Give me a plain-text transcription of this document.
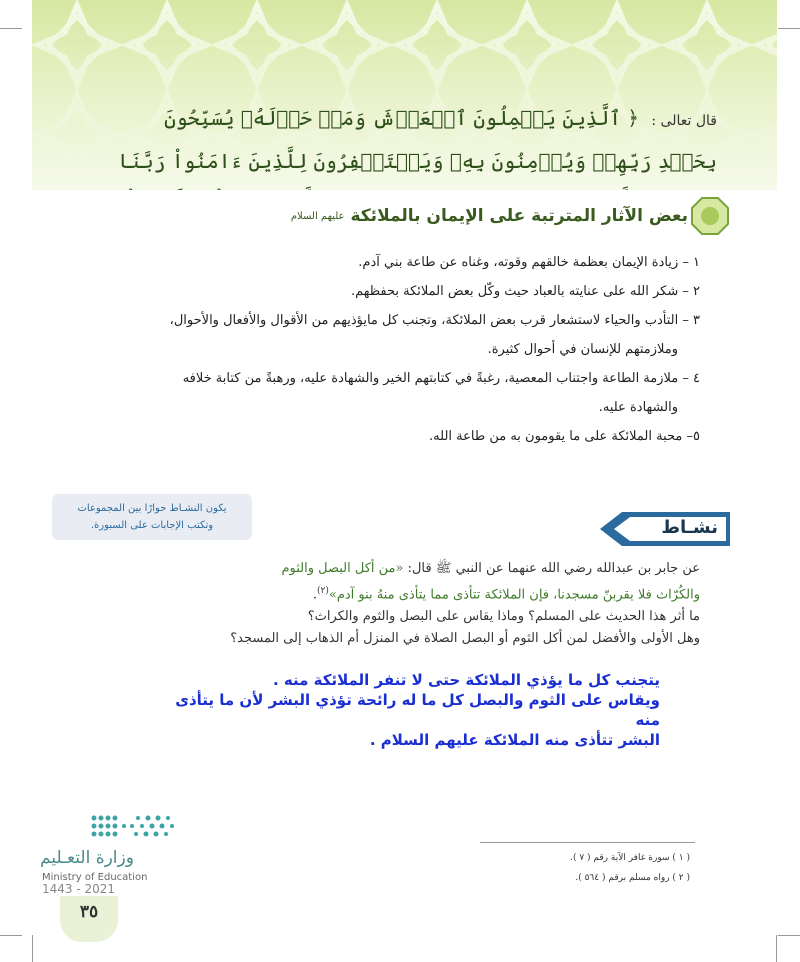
قال تعالى : ﴿ ٱلَّذِينَ يَحۡمِلُونَ ٱلۡعَرۡشَ وَمَنۡ حَوۡلَهُۥ يُسَبِّحُونَ بِحَمۡدِ رَبِّهِمۡ وَيُؤۡمِنُونَ بِهِۦ وَيَسۡتَغۡفِرُونَ لِلَّذِينَ ءَامَنُواْ رَبَّنَا
بعض الآثار المترتبة على الإيمان بالملائكة
عليهم السلام

١ – زيادة الإيمان بعظمة خالقهم وقوته، وغناه عن طاعة بني آدم.

٢ – شكر الله على عنايته بالعباد حيث وكّل بعض الملائكة بحفظهم.

٣ – التأدب والحياء لاستشعار قرب بعض الملائكة، وتجنب كل مايؤذيهم من الأقوال والأفعال والأحوال،

وملازمتهم للإنسان في أحوال كثيرة.

٤ – ملازمة الطاعة واجتناب المعصية، رغبةً في كتابتهم الخير والشهادة عليه، ورهبةً من كتابة خلافه

والشهادة عليه.

٥– محبة الملائكة على ما يقومون به من طاعة الله.

يكون النشـاط حوارًا بين المجموعات
وتكتب الإجابات على السبورة.	نشـاط

عن جابر بن عبدالله رضي الله عنهما عن النبي ﷺ قال: «من أكل البصل والثوم

والكُرّاث فلا يقربنّ مسجدنا، فإن الملائكة تتأذى مما يتأذى منهُ بنو آدم»$^{(٢)}$.

ما أثر هذا الحديث على المسلم؟ وماذا يقاس على البصل والثوم والكراث؟

وهل الأولى والأفضل لمن أكل الثوم أو البصل الصلاة في المنزل أم الذهاب إلى المسجد؟

يتجنب كل ما يؤذي الملائكة حتى لا تنفر الملائكة منه .

ويقاس على الثوم والبصل كل ما له رائحة تؤذي البشر لأن ما يتأذى منه

البشر تتأذى منه الملائكة عليهم السلام .

وزارة التعـليم
Ministry of Education
2021 - 1443
٣٥

( ١ ) سورة غافر الآية رقم ( ٧ ).

( ٢ ) رواه مسلم برقم ( ٥٦٤ ).
